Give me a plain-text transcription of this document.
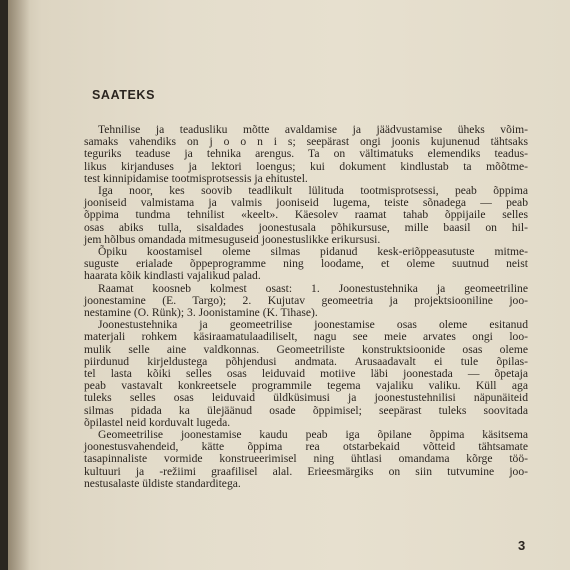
SAATEKS
Tehnilise ja teadusliku mõtte avaldamise ja jäädvustamise üheks võim-
samaks vahendiks on j o o n i s; seepärast ongi joonis kujunenud tähtsaks
teguriks teaduse ja tehnika arengus. Ta on vältimatuks elemendiks teadus-
likus kirjanduses ja lektori loengus; kui dokument kindlustab ta mõõtme-
test kinnipidamise tootmisprotsessis ja ehitustel.
Iga noor, kes soovib teadlikult lülituda tootmisprotsessi, peab õppima
jooniseid valmistama ja valmis jooniseid lugema, teiste sõnadega — peab
õppima tundma tehnilist «keelt». Käesolev raamat tahab õppijaile selles
osas abiks tulla, sisaldades joonestusala põhikursuse, mille baasil on hil-
jem hõlbus omandada mitmesuguseid joonestuslikke erikursusi.
Õpiku koostamisel oleme silmas pidanud kesk-eriõppeasutuste mitme-
suguste erialade õppeprogramme ning loodame, et oleme suutnud neist
haarata kõik kindlasti vajalikud palad.
Raamat koosneb kolmest osast: 1. Joonestustehnika ja geomeetriline
joonestamine (E. Targo); 2. Kujutav geomeetria ja projektsiooniline joo-
nestamine (O. Rünk); 3. Joonistamine (K. Tihase).
Joonestustehnika ja geomeetrilise joonestamise osas oleme esitanud
materjali rohkem käsiraamatulaadiliselt, nagu see meie arvates ongi loo-
mulik selle aine valdkonnas. Geomeetriliste konstruktsioonide osas oleme
piirdunud kirjeldustega põhjendusi andmata. Arusaadavalt ei tule õpilas-
tel lasta kõiki selles osas leiduvaid motiive läbi joonestada — õpetaja
peab vastavalt konkreetsele programmile tegema vajaliku valiku. Küll aga
tuleks selles osas leiduvaid üldküsimusi ja joonestustehnilisi näpunäiteid
silmas pidada ka ülejäänud osade õppimisel; seepärast tuleks soovitada
õpilastel neid korduvalt lugeda.
Geomeetrilise joonestamise kaudu peab iga õpilane õppima käsitsema
joonestusvahendeid, kätte õppima rea otstarbekaid võtteid tähtsamate
tasapinnaliste vormide konstrueerimisel ning ühtlasi omandama kõrge töö-
kultuuri ja -režiimi graafilisel alal. Erieesmärgiks on siin tutvumine joo-
nestusalaste üldiste standarditega.
3
